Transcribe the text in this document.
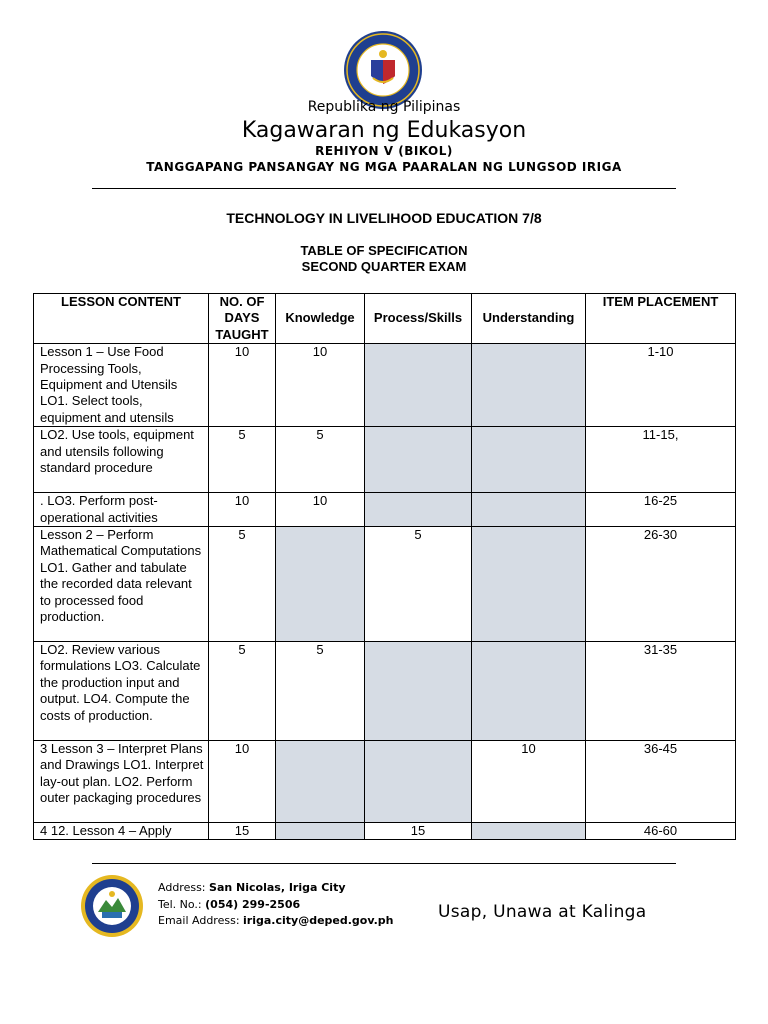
Republika ng Pilipinas
Kagawaran ng Edukasyon
REHIYON V (BIKOL)
TANGGAPANG PANSANGAY NG MGA PAARALAN NG LUNGSOD IRIGA
TECHNOLOGY IN LIVELIHOOD EDUCATION 7/8
TABLE OF SPECIFICATION
SECOND QUARTER EXAM
LESSON CONTENT	NO. OF DAYS TAUGHT	Knowledge	Process/Skills	Understanding	ITEM PLACEMENT
Lesson 1 – Use Food Processing Tools, Equipment and Utensils LO1. Select tools, equipment and utensils	10	10			1-10
LO2. Use tools, equipment and utensils following standard procedure	5	5			11-15,
. LO3. Perform post-operational activities	10	10			16-25
Lesson 2 – Perform Mathematical Computations LO1. Gather and tabulate the recorded data relevant to processed food production.	5		5		26-30
LO2. Review various formulations LO3. Calculate the production input and output. LO4. Compute the costs of production.	5	5			31-35
3 Lesson 3 – Interpret Plans and Drawings LO1. Interpret lay-out plan. LO2. Perform outer packaging procedures	10			10	36-45
4 12. Lesson 4 – Apply	15		15		46-60
Address: San Nicolas, Iriga City
Tel. No.: (054) 299-2506
Email Address: iriga.city@deped.gov.ph	Usap, Unawa at Kalinga
